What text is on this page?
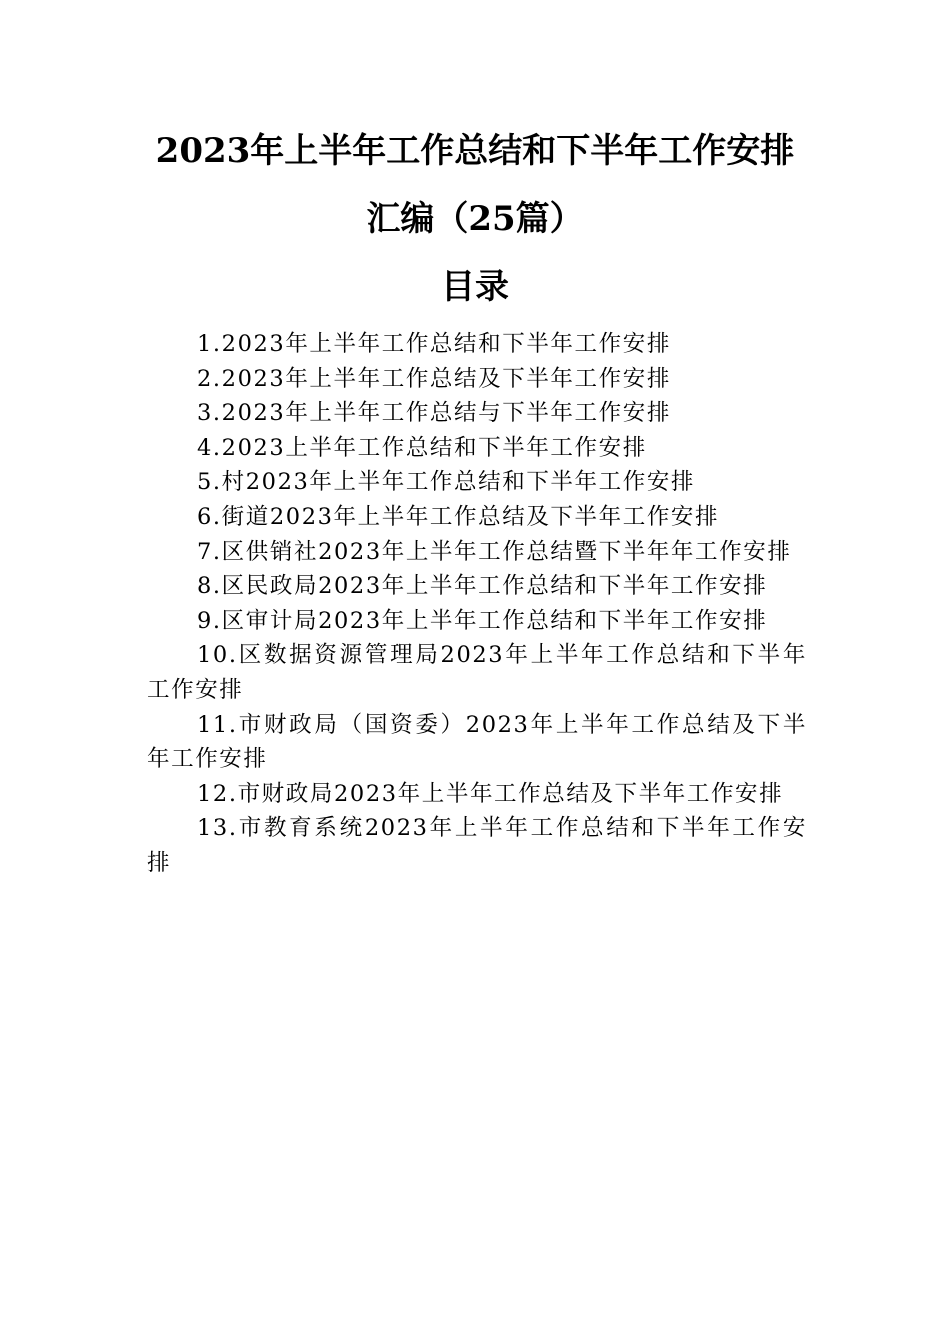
2023年上半年工作总结和下半年工作安排
汇编（25篇）
目录
1.2023年上半年工作总结和下半年工作安排
2.2023年上半年工作总结及下半年工作安排
3.2023年上半年工作总结与下半年工作安排
4.2023上半年工作总结和下半年工作安排
5.村2023年上半年工作总结和下半年工作安排
6.街道2023年上半年工作总结及下半年工作安排
7.区供销社2023年上半年工作总结暨下半年年工作安排
8.区民政局2023年上半年工作总结和下半年工作安排
9.区审计局2023年上半年工作总结和下半年工作安排
10.区数据资源管理局2023年上半年工作总结和下半年工作安排
11.市财政局（国资委）2023年上半年工作总结及下半年工作安排
12.市财政局2023年上半年工作总结及下半年工作安排
13.市教育系统2023年上半年工作总结和下半年工作安排
